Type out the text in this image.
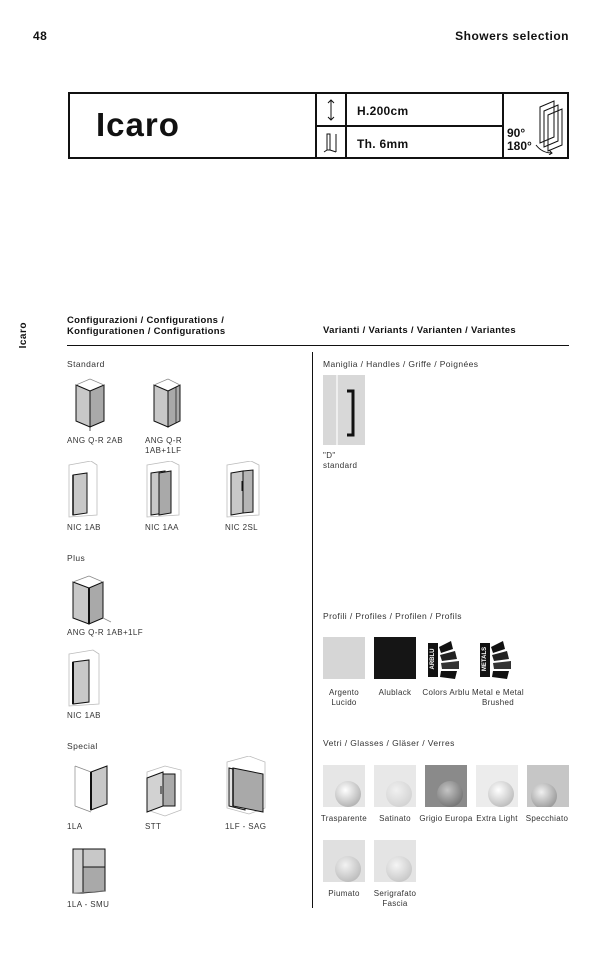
48	Showers selection
Icaro	H.200cm
Th. 6mm
90°
180°
Icaro
Configurazioni / Configurations /
Konfigurationen / Configurations	Varianti / Variants / Varianten / Variantes
Standard
ANG Q-R 2AB	ANG Q-R 1AB+1LF
NIC 1AB	NIC 1AA	NIC 2SL
Plus
ANG Q-R 1AB+1LF
NIC 1AB
Special
1LA	STT	1LF - SAG
1LA - SMU
Maniglia / Handles / Griffe / Poignées
"D"
standard
Profili / Profiles / Profilen / Profils
Argento Lucido
Alublack
ARBLU
Colors Arblu
METALS
Metal e Metal Brushed
Vetri / Glasses / Gläser / Verres
Trasparente	Satinato	Grigio Europa Extra Light Specchiato
Piumato	Serigrafato Fascia
